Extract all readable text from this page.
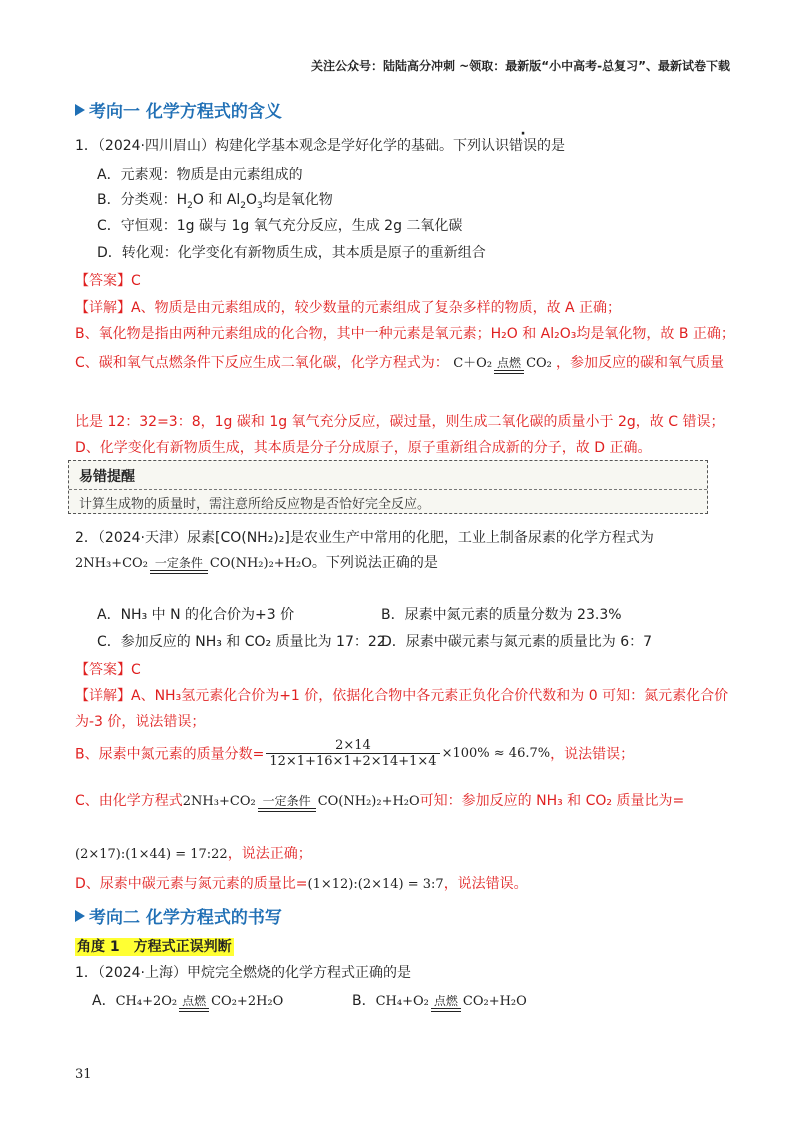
关注公众号：陆陆高分冲刺 ~领取：最新版“小中高考-总复习”、最新试卷下载
考向一 化学方程式的含义
1．（2024·四川眉山）构建化学基本观念是学好化学的基础。下列认识错误的是
A．元素观：物质是由元素组成的
B．分类观：$H_2O$ 和 $Al_2O_3$均是氧化物
C．守恒观：1g 碳与 1g 氧气充分反应，生成 2g 二氧化碳
D．转化观：化学变化有新物质生成，其本质是原子的重新组合
【答案】C
【详解】A、物质是由元素组成的，较少数量的元素组成了复杂多样的物质，故 A 正确；
B、氧化物是指由两种元素组成的化合物，其中一种元素是氧元素；H₂O 和 Al₂O₃均是氧化物，故 B 正确；
C、碳和氧气点燃条件下反应生成二氧化碳，化学方程式为： C＋O₂ 点燃 CO₂ ，参加反应的碳和氧气质量
比是 12：32=3：8，1g 碳和 1g 氧气充分反应，碳过量，则生成二氧化碳的质量小于 2g，故 C 错误；
D、化学变化有新物质生成，其本质是分子分成原子，原子重新组合成新的分子，故 D 正确。
易错提醒
计算生成物的质量时，需注意所给反应物是否恰好完全反应。
2．（2024·天津）尿素[CO(NH₂)₂]是农业生产中常用的化肥，工业上制备尿素的化学方程式为
2NH₃+CO₂ 一定条件 CO(NH₂)₂+H₂O。下列说法正确的是
A．NH₃ 中 N 的化合价为+3 价	B．尿素中氮元素的质量分数为 23.3%
C．参加反应的 NH₃ 和 CO₂ 质量比为 17：22
D．尿素中碳元素与氮元素的质量比为 6：7
【答案】C
【详解】A、NH₃氢元素化合价为+1 价，依据化合物中各元素正负化合价代数和为 0 可知：氮元素化合价
为-3 价，说法错误；
B、尿素中氮元素的质量分数= $\frac{2\times 14}{12\times 1+16\times 1+2\times 14+1\times 4} \times 100\% \approx 46.7\%$，说法错误；
C、由化学方程式2NH₃+CO₂ 一定条件 CO(NH₂)₂+H₂O可知：参加反应的 NH₃ 和 CO₂ 质量比为=
(2×17):(1×44) = 17:22，说法正确；
D、尿素中碳元素与氮元素的质量比=(1×12):(2×14) = 3:7，说法错误。
考向二 化学方程式的书写
角度 1　方程式正误判断
1．（2024·上海）甲烷完全燃烧的化学方程式正确的是
A．CH₄+2O₂ 点燃 CO₂+2H₂O	B．CH₄+O₂ 点燃 CO₂+H₂O
31
